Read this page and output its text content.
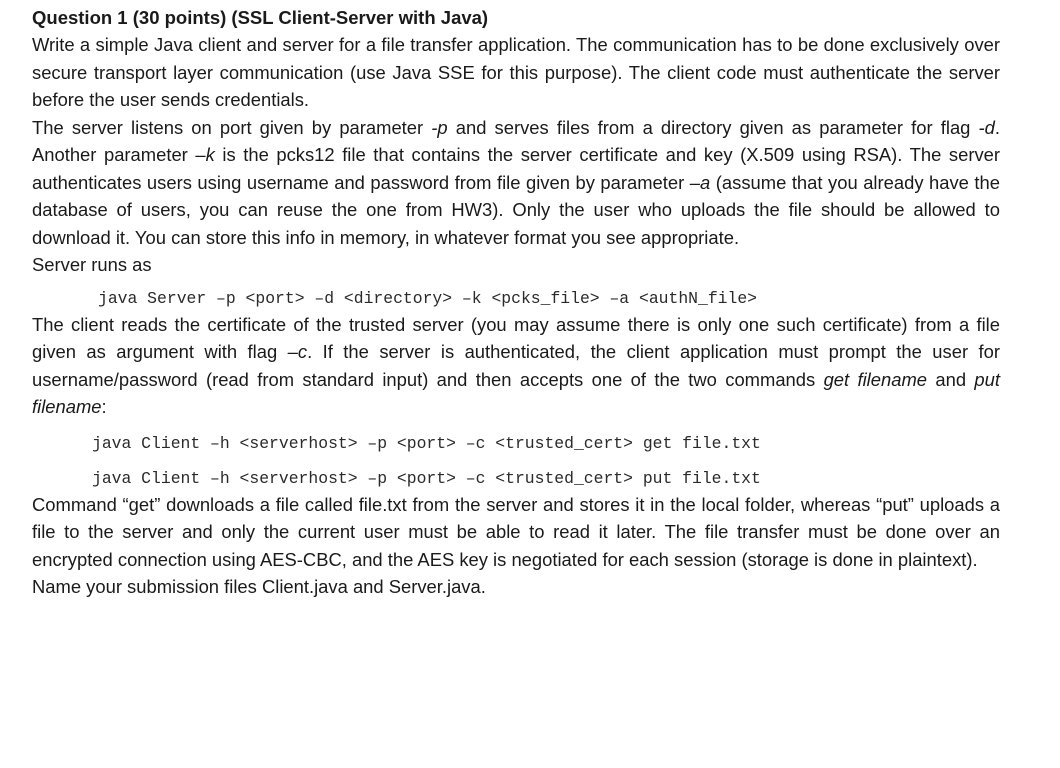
Question 1 (30 points) (SSL Client-Server with Java)

Write a simple Java client and server for a file transfer application. The communication has to be done exclusively over secure transport layer communication (use Java SSE for this purpose). The client code must authenticate the server before the user sends credentials.

The server listens on port given by parameter -p and serves files from a directory given as parameter for flag -d. Another parameter –k is the pcks12 file that contains the server certificate and key (X.509 using RSA). The server authenticates users using username and password from file given by parameter –a (assume that you already have the database of users, you can reuse the one from HW3). Only the user who uploads the file should be allowed to download it. You can store this info in memory, in whatever format you see appropriate.

Server runs as

java Server –p <port> –d <directory> –k <pcks_file> –a <authN_file>

The client reads the certificate of the trusted server (you may assume there is only one such certificate) from a file given as argument with flag –c. If the server is authenticated, the client application must prompt the user for username/password (read from standard input) and then accepts one of the two commands get filename and put filename:

java Client –h <serverhost> –p <port> –c <trusted_cert> get file.txt
java Client –h <serverhost> –p <port> –c <trusted_cert> put file.txt

Command “get” downloads a file called file.txt from the server and stores it in the local folder, whereas “put” uploads a file to the server and only the current user must be able to read it later. The file transfer must be done over an encrypted connection using AES-CBC, and the AES key is negotiated for each session (storage is done in plaintext).

Name your submission files Client.java and Server.java.
